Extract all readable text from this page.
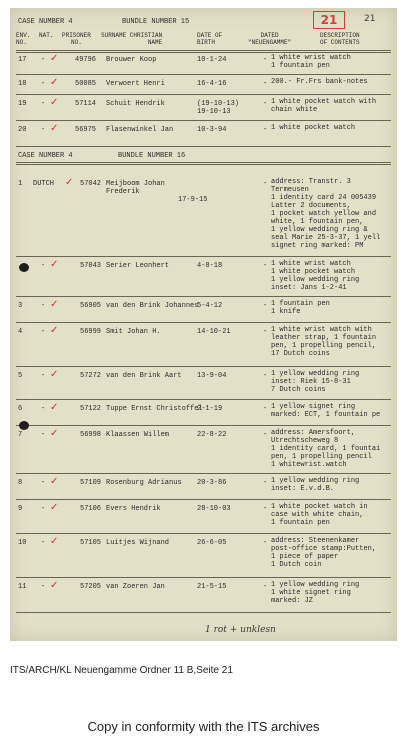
21	21
CASE NUMBER 4	BUNDLE NUMBER 15
ENV.
NO.
NAT. PRISONER
NO.
SURNAME CHRISTIAN
NAME
DATE OF
BIRTH
DATED
"NEUENGAMME"
DESCRIPTION
OF CONTENTS
17 - ✓ 49796 Brouwer Koop	10-1-24	- 1 white wrist watch
1 fountain pen
18 - ✓ 50085 Verwoert Henri	16-4-16	- 200.- Fr.Frs bank-notes
19 - ✓ 57114 Schuit Hendrik	(19-10-13)
19-10-13
- 1 white pocket watch with
chain white
20 - ✓ 56975 Flasenwinkel Jan	10-3-94	- 1 white pocket watch
CASE NUMBER 4	BUNDLE NUMBER 16
1 DUTCH ✓ 57042 Meijboom Johan
Frederik
17-9-15
- address: Transtr. 3
Termeusen
1 identity card 24 005439
Latter 2 documents,
1 pocket watch yellow and
white, 1 fountain pen,
1 yellow wedding ring &
seal Marie 25-3-37, 1 yell
signet ring marked: PM
- ✓	57043 Serier Leonhert	4-8-18	- 1 white wrist watch
1 white pocket watch
1 yellow wedding ring
inset: Jans 1-2-41
3	- ✓	56905 van den Brink Johannes
5-4-12	- 1 fountain pen
1 knife
4	- ✓	56999 Smit Johan H.	14-10-21	- 1 white wrist watch with
leather strap, 1 fountain
pen, 1 propelling pencil,
17 Dutch coins
5	- ✓	57272 van den Brink Aart 13-9-04	- 1 yellow wedding ring
inset: Riek 15-8-31
7 Dutch coins
6	- ✓	57122 Tuppe Ernst Christoffel
2-1-19	- 1 yellow signet ring
marked: ECT, 1 fountain pe
7	- ✓	56998 Klaassen Willem	22-8-22	- address: Amersfoort,
Utrechtscheweg 8
1 identity card, 1 fountai
pen, 1 propelling pencil
1 whitewrist.watch
8	- ✓	57109 Rosenburg Adrianus 20-3-86	- 1 yellow wedding ring
inset: E.v.d.B.
9	- ✓	57106 Evers Hendrik	28-10-03	- 1 white pocket watch in
case with white chain,
1 fountain pen
10 - ✓	57105 Luitjes Wijnand	26-6-05	- address: Steenenkamer
post-office stamp:Putten,
1 piece of paper
1 Dutch coin
11 - ✓	57205 van Zoeren Jan	21-5-15	- 1 yellow wedding ring
1 white signet ring
marked: JZ
1 rot + unklesn
ITS/ARCH/KL Neuengamme Ordner 11 B,Seite 21
Copy in conformity with the ITS archives
